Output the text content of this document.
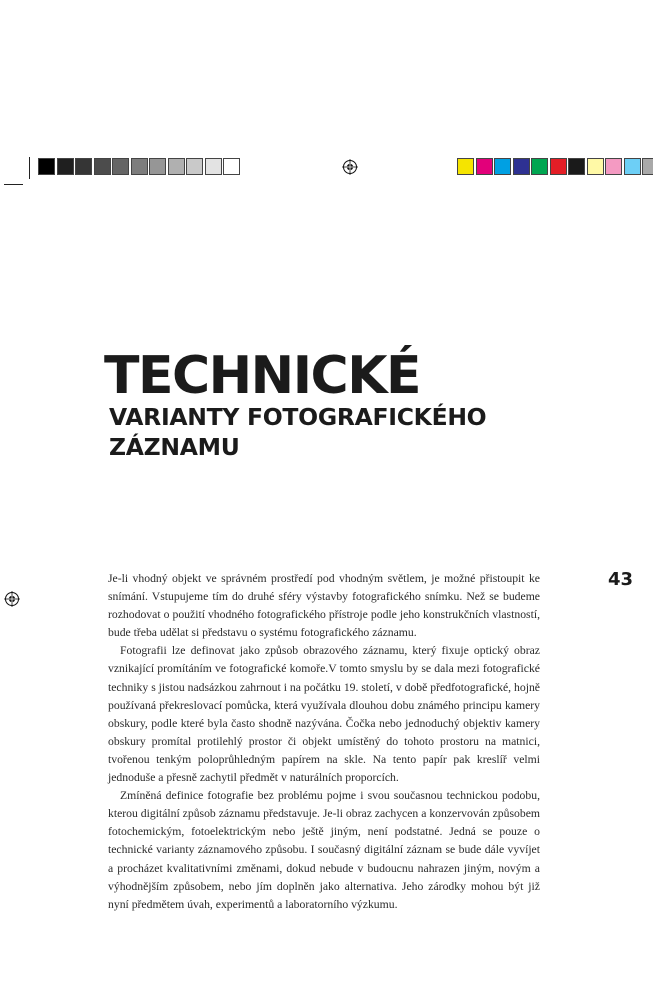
TECHNICKÉ
VARIANTY FOTOGRAFICKÉHO
ZÁZNAMU
43

Je-li vhodný objekt ve správném prostředí pod vhodným světlem, je možné přistoupit ke snímání. Vstupujeme tím do druhé sféry výstavby fotografického snímku. Než se budeme rozhodovat o použití vhodného fotografického přístroje podle jeho konstrukčních vlastností, bude třeba udělat si představu o systému fotografického záznamu.

Fotografii lze definovat jako způsob obrazového záznamu, který fixuje optický obraz vznikající promítáním ve fotografické komoře.V tomto smyslu by se dala mezi fotografické techniky s jistou nadsázkou zahrnout i na počátku 19. století, v době předfotografické, hojně používaná překreslovací pomůcka, která využívala dlouhou dobu známého principu kamery obskury, podle které byla často shodně nazývána. Čočka nebo jednoduchý objektiv kamery obskury promítal protilehlý prostor či objekt umístěný do tohoto prostoru na matnici, tvořenou tenkým poloprůhledným papírem na skle. Na tento papír pak kreslíř velmi jednoduše a přesně zachytil předmět v naturálních proporcích.

Zmíněná definice fotografie bez problému pojme i svou současnou technickou podobu, kterou digitální způsob záznamu představuje. Je-li obraz zachycen a konzervován způsobem fotochemickým, fotoelektrickým nebo ještě jiným, není podstatné. Jedná se pouze o technické varianty záznamového způsobu. I současný digitální záznam se bude dále vyvíjet a procházet kvalitativními změnami, dokud nebude v budoucnu nahrazen jiným, novým a výhodnějším způsobem, nebo jím doplněn jako alternativa. Jeho zárodky mohou být již nyní předmětem úvah, experimentů a laboratorního výzkumu.
